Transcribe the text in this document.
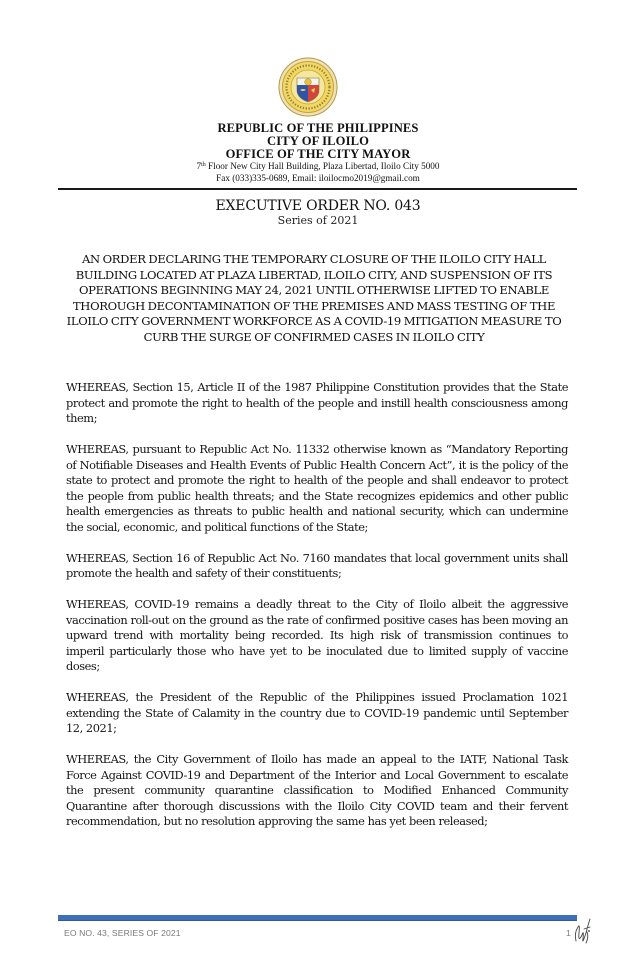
REPUBLIC OF THE PHILIPPINES
CITY OF ILOILO
OFFICE OF THE CITY MAYOR
7th Floor New City Hall Building, Plaza Libertad, Iloilo City 5000
Fax (033)335-0689, Email: iloilocmo2019@gmail.com
EXECUTIVE ORDER NO. 043
Series of 2021
AN ORDER DECLARING THE TEMPORARY CLOSURE OF THE ILOILO CITY HALL BUILDING LOCATED AT PLAZA LIBERTAD, ILOILO CITY, AND SUSPENSION OF ITS OPERATIONS BEGINNING MAY 24, 2021 UNTIL OTHERWISE LIFTED TO ENABLE THOROUGH DECONTAMINATION OF THE PREMISES AND MASS TESTING OF THE ILOILO CITY GOVERNMENT WORKFORCE AS A COVID-19 MITIGATION MEASURE TO CURB THE SURGE OF CONFIRMED CASES IN ILOILO CITY

WHEREAS, Section 15, Article II of the 1987 Philippine Constitution provides that the State protect and promote the right to health of the people and instill health consciousness among them;

WHEREAS, pursuant to Republic Act No. 11332 otherwise known as “Mandatory Reporting of Notifiable Diseases and Health Events of Public Health Concern Act”, it is the policy of the state to protect and promote the right to health of the people and shall endeavor to protect the people from public health threats; and the State recognizes epidemics and other public health emergencies as threats to public health and national security, which can undermine the social, economic, and political functions of the State;

WHEREAS, Section 16 of Republic Act No. 7160 mandates that local government units shall promote the health and safety of their constituents;

WHEREAS, COVID-19 remains a deadly threat to the City of Iloilo albeit the aggressive vaccination roll-out on the ground as the rate of confirmed positive cases has been moving an upward trend with mortality being recorded. Its high risk of transmission continues to imperil particularly those who have yet to be inoculated due to limited supply of vaccine doses;

WHEREAS, the President of the Republic of the Philippines issued Proclamation 1021 extending the State of Calamity in the country due to COVID-19 pandemic until September 12, 2021;

WHEREAS, the City Government of Iloilo has made an appeal to the IATF, National Task Force Against COVID-19 and Department of the Interior and Local Government to escalate the present community quarantine classification to Modified Enhanced Community Quarantine after thorough discussions with the Iloilo City COVID team and their fervent recommendation, but no resolution approving the same has yet been released;

EO NO. 43, SERIES OF 2021	1
